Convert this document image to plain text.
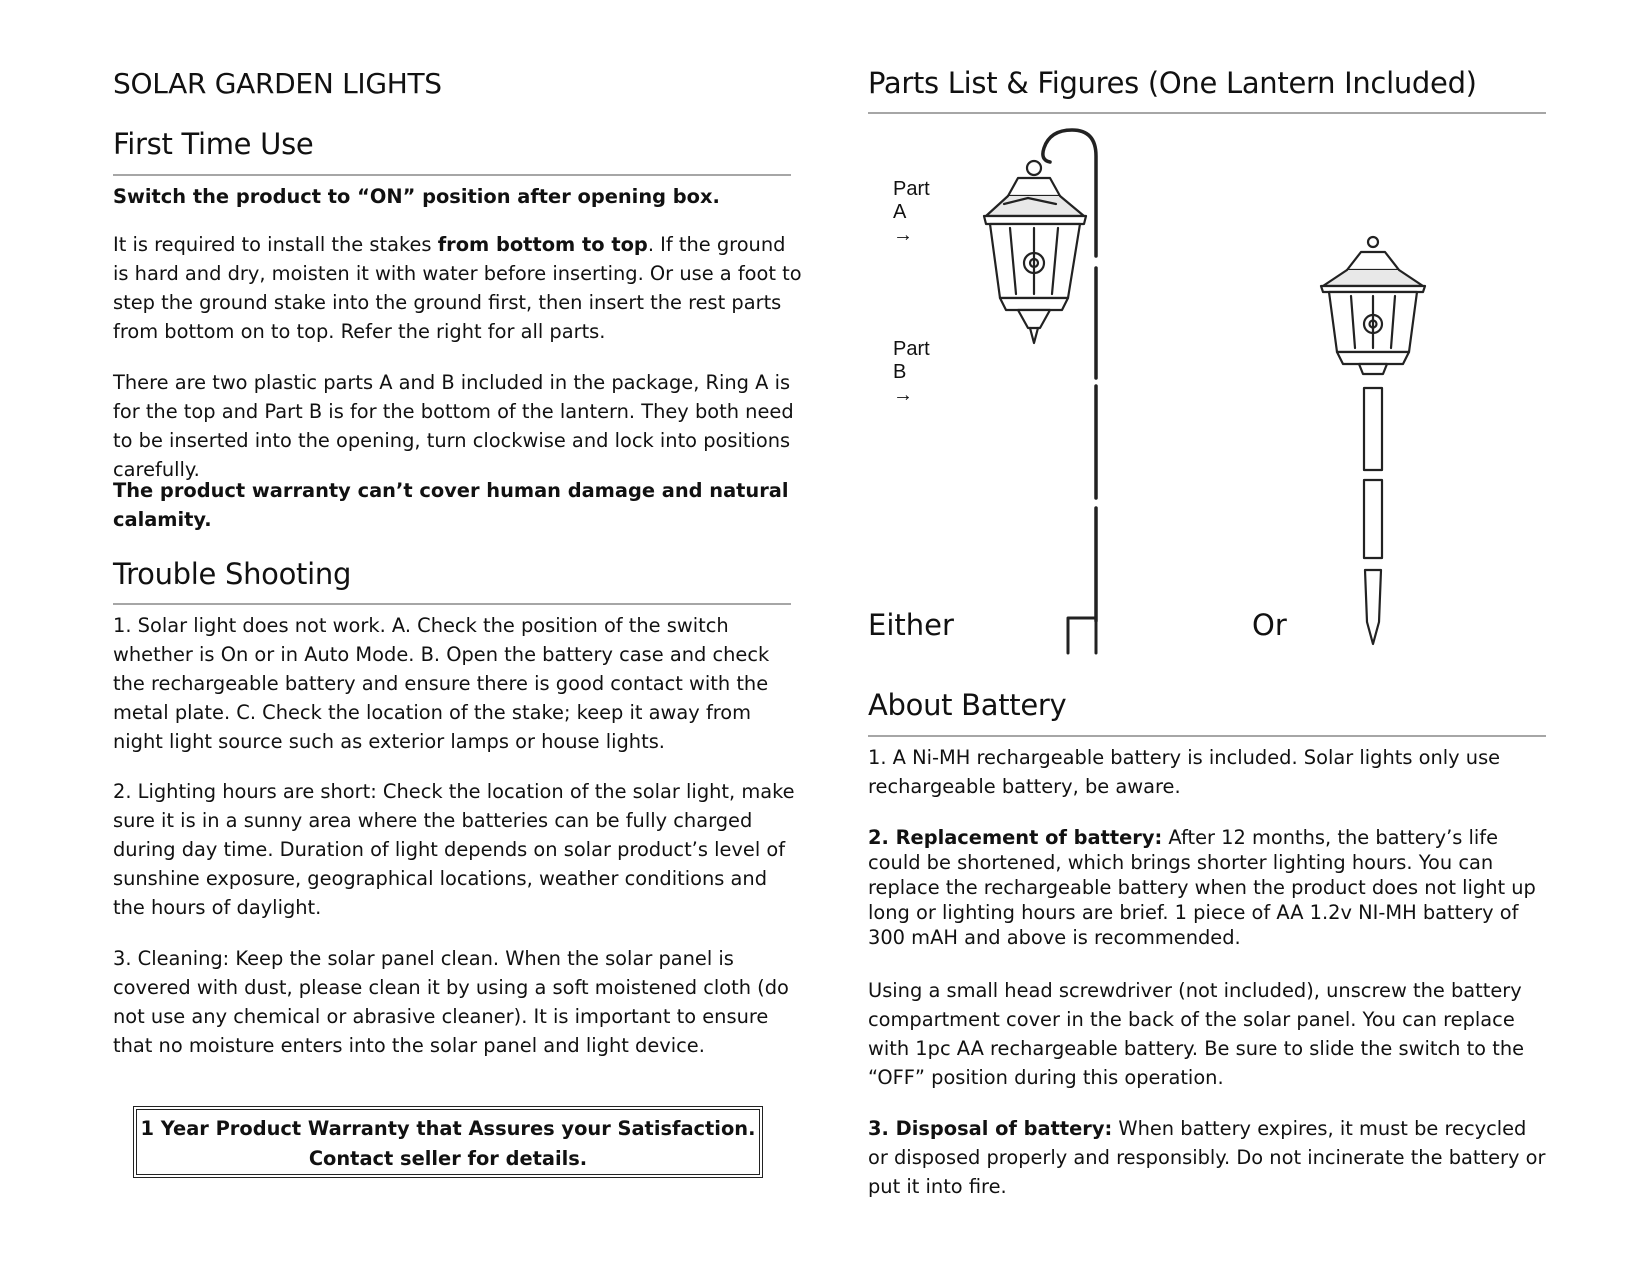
SOLAR GARDEN LIGHTS
First Time Use

Switch the product to “ON” position after opening box.

It is required to install the stakes from bottom to top. If the ground is hard and dry, moisten it with water before inserting. Or use a foot to step the ground stake into the ground first, then insert the rest parts from bottom on to top. Refer the right for all parts.

There are two plastic parts A and B included in the package, Ring A is for the top and Part B is for the bottom of the lantern. They both need to be inserted into the opening, turn clockwise and lock into positions carefully.

The product warranty can’t cover human damage and natural calamity.

Trouble Shooting

1. Solar light does not work. A. Check the position of the switch whether is On or in Auto Mode. B. Open the battery case and check the rechargeable battery and ensure there is good contact with the metal plate. C. Check the location of the stake; keep it away from night light source such as exterior lamps or house lights.

2. Lighting hours are short: Check the location of the solar light, make sure it is in a sunny area where the batteries can be fully charged during day time. Duration of light depends on solar product’s level of sunshine exposure, geographical locations, weather conditions and the hours of daylight.

3. Cleaning: Keep the solar panel clean. When the solar panel is covered with dust, please clean it by using a soft moistened cloth (do not use any chemical or abrasive cleaner). It is important to ensure that no moisture enters into the solar panel and light device.

1 Year Product Warranty that Assures your Satisfaction.
Contact seller for details.
Parts List & Figures (One Lantern Included)
Part A →
Part B →
Either	Or
About Battery

1. A Ni-MH rechargeable battery is included. Solar lights only use rechargeable battery, be aware.

2. Replacement of battery: After 12 months, the battery’s life could be shortened, which brings shorter lighting hours. You can replace the rechargeable battery when the product does not light up long or lighting hours are brief. 1 piece of AA 1.2v NI-MH battery of 300 mAH and above is recommended.

Using a small head screwdriver (not included), unscrew the battery compartment cover in the back of the solar panel. You can replace with 1pc AA rechargeable battery. Be sure to slide the switch to the “OFF” position during this operation.

3. Disposal of battery: When battery expires, it must be recycled or disposed properly and responsibly. Do not incinerate the battery or put it into fire.
